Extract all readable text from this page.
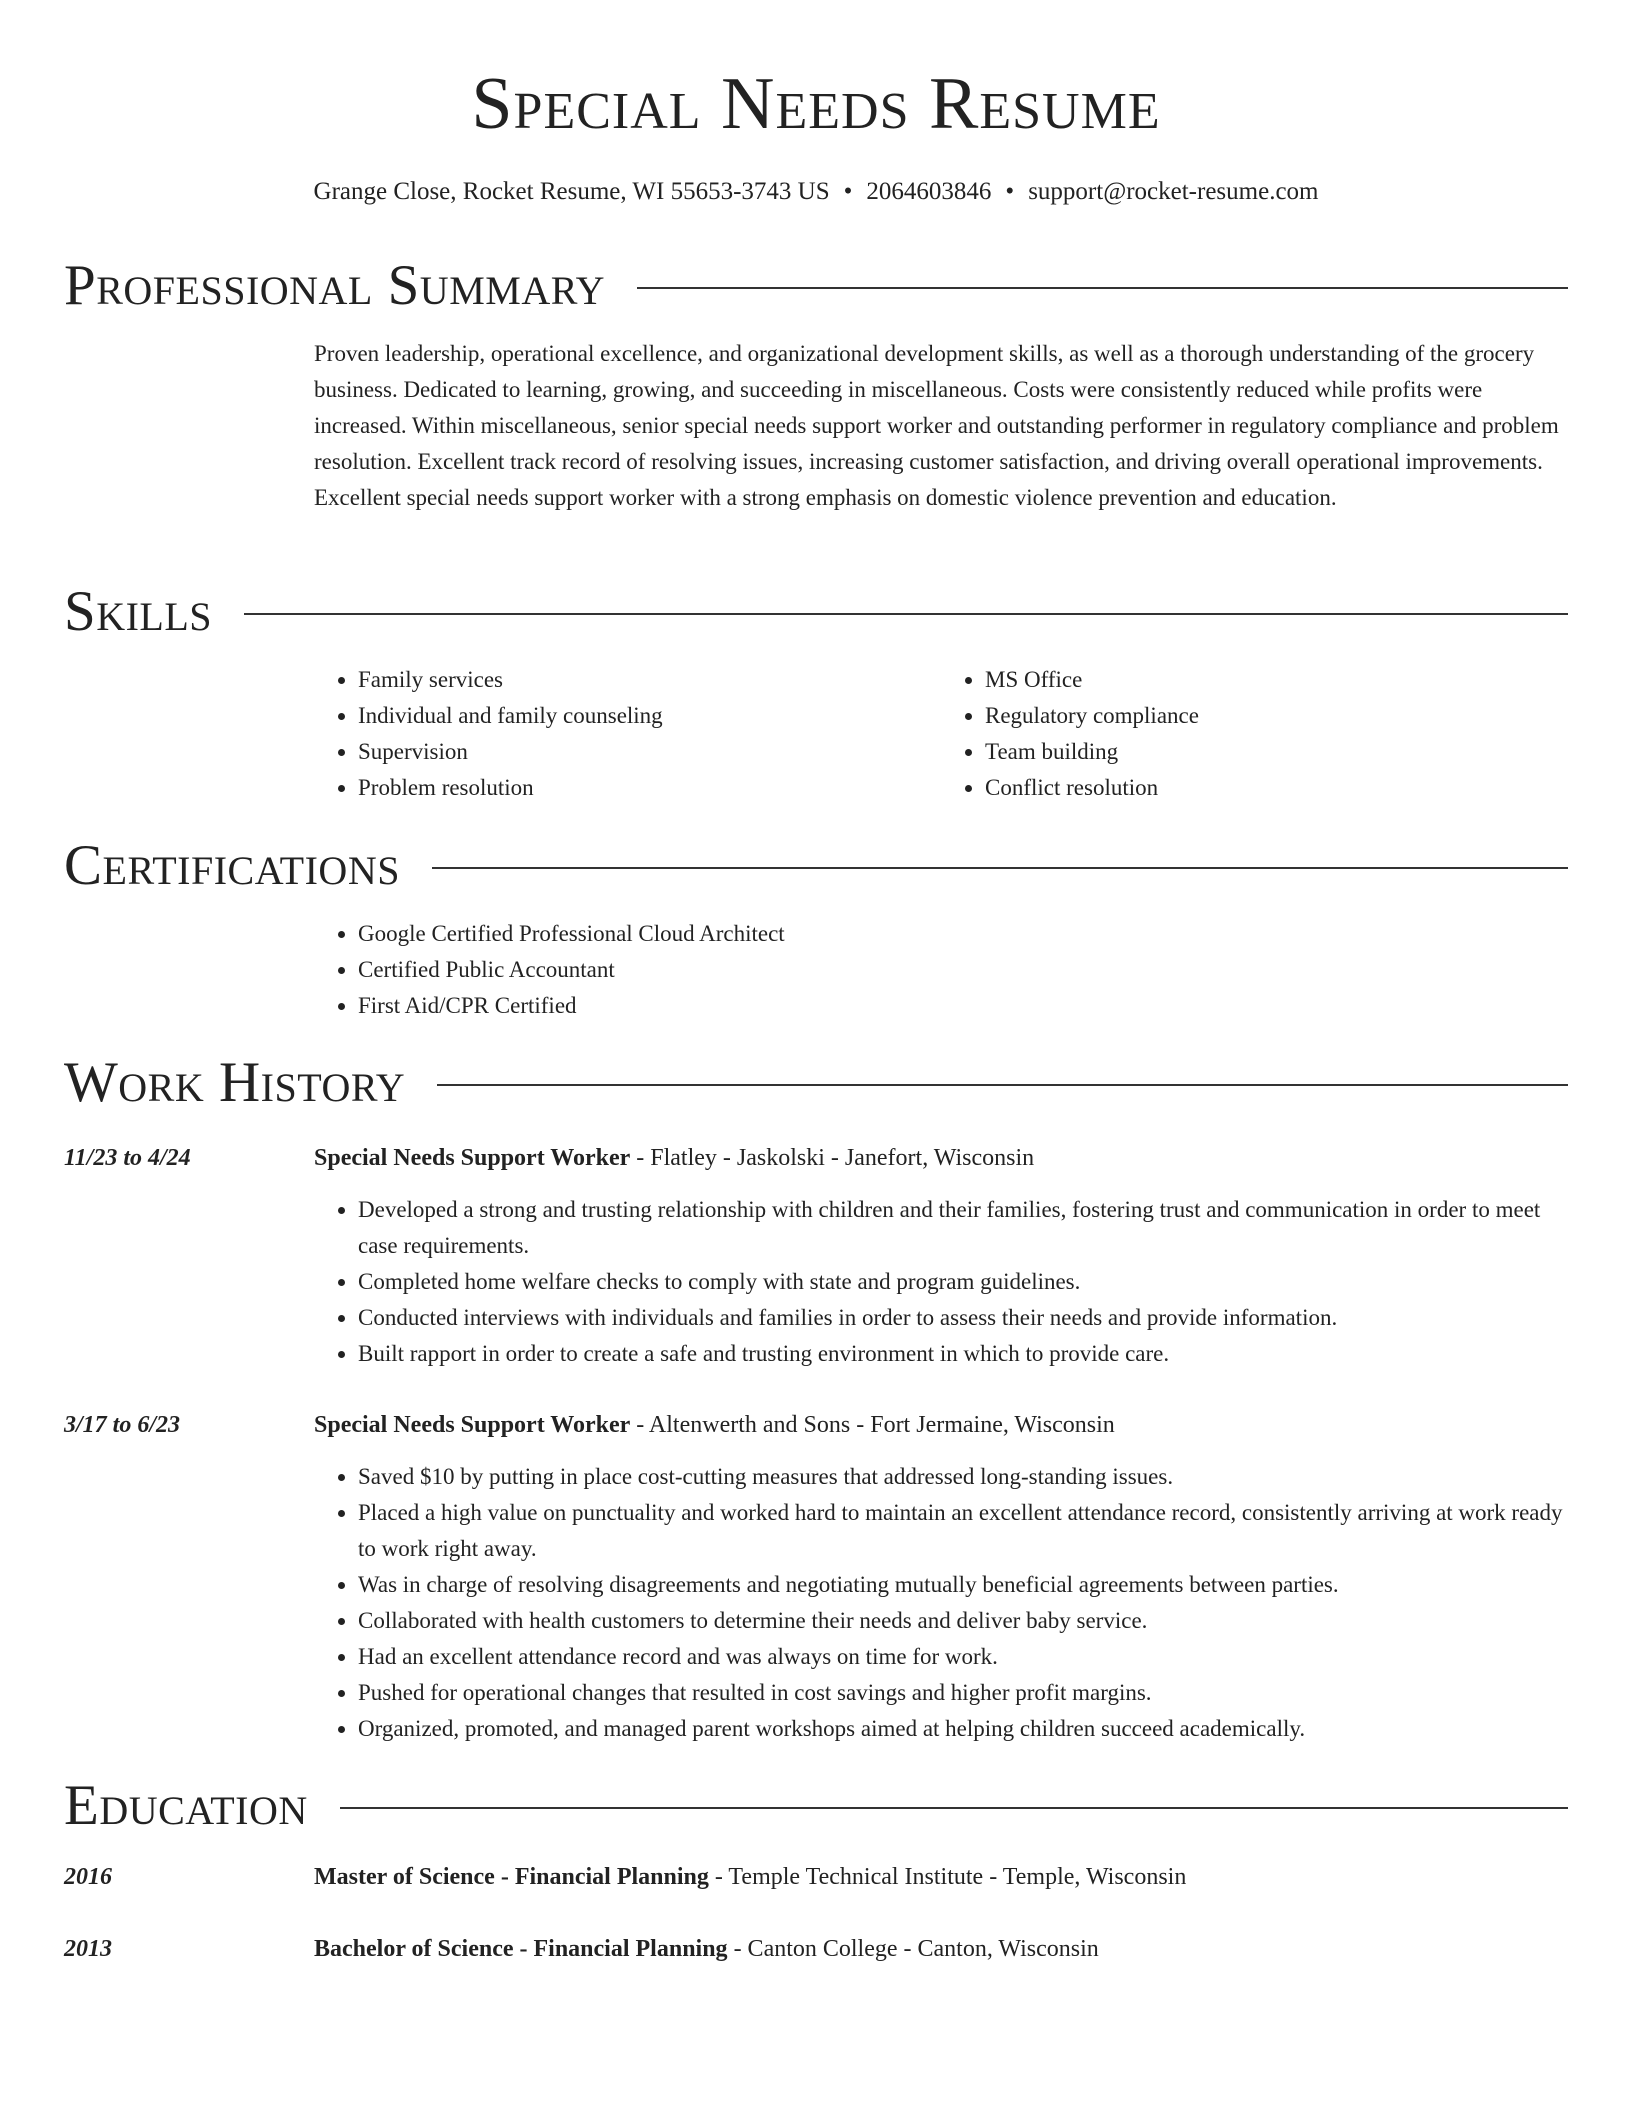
Special Needs Resume
Grange Close, Rocket Resume, WI 55653-3743 US • 2064603846 • support@rocket-resume.com
Professional Summary

Proven leadership, operational excellence, and organizational development skills, as well as a thorough understanding of the grocery business. Dedicated to learning, growing, and succeeding in miscellaneous. Costs were consistently reduced while profits were increased. Within miscellaneous, senior special needs support worker and outstanding performer in regulatory compliance and problem resolution. Excellent track record of resolving issues, increasing customer satisfaction, and driving overall operational improvements. Excellent special needs support worker with a strong emphasis on domestic violence prevention and education.

Skills
• Family services
• Individual and family counseling
• Supervision
• Problem resolution
• MS Office
• Regulatory compliance
• Team building
• Conflict resolution
Certifications
• Google Certified Professional Cloud Architect
• Certified Public Accountant
• First Aid/CPR Certified
Work History
11/23 to 4/24	Special Needs Support Worker - Flatley - Jaskolski - Janefort, Wisconsin
• Developed a strong and trusting relationship with children and their families, fostering trust and communication in order to meet case requirements.
• Completed home welfare checks to comply with state and program guidelines.
• Conducted interviews with individuals and families in order to assess their needs and provide information.
• Built rapport in order to create a safe and trusting environment in which to provide care.
3/17 to 6/23	Special Needs Support Worker - Altenwerth and Sons - Fort Jermaine, Wisconsin
• Saved $10 by putting in place cost-cutting measures that addressed long-standing issues.
• Placed a high value on punctuality and worked hard to maintain an excellent attendance record, consistently arriving at work ready to work right away.
• Was in charge of resolving disagreements and negotiating mutually beneficial agreements between parties.
• Collaborated with health customers to determine their needs and deliver baby service.
• Had an excellent attendance record and was always on time for work.
• Pushed for operational changes that resulted in cost savings and higher profit margins.
• Organized, promoted, and managed parent workshops aimed at helping children succeed academically.
Education
2016	Master of Science - Financial Planning - Temple Technical Institute - Temple, Wisconsin
2013	Bachelor of Science - Financial Planning - Canton College - Canton, Wisconsin
